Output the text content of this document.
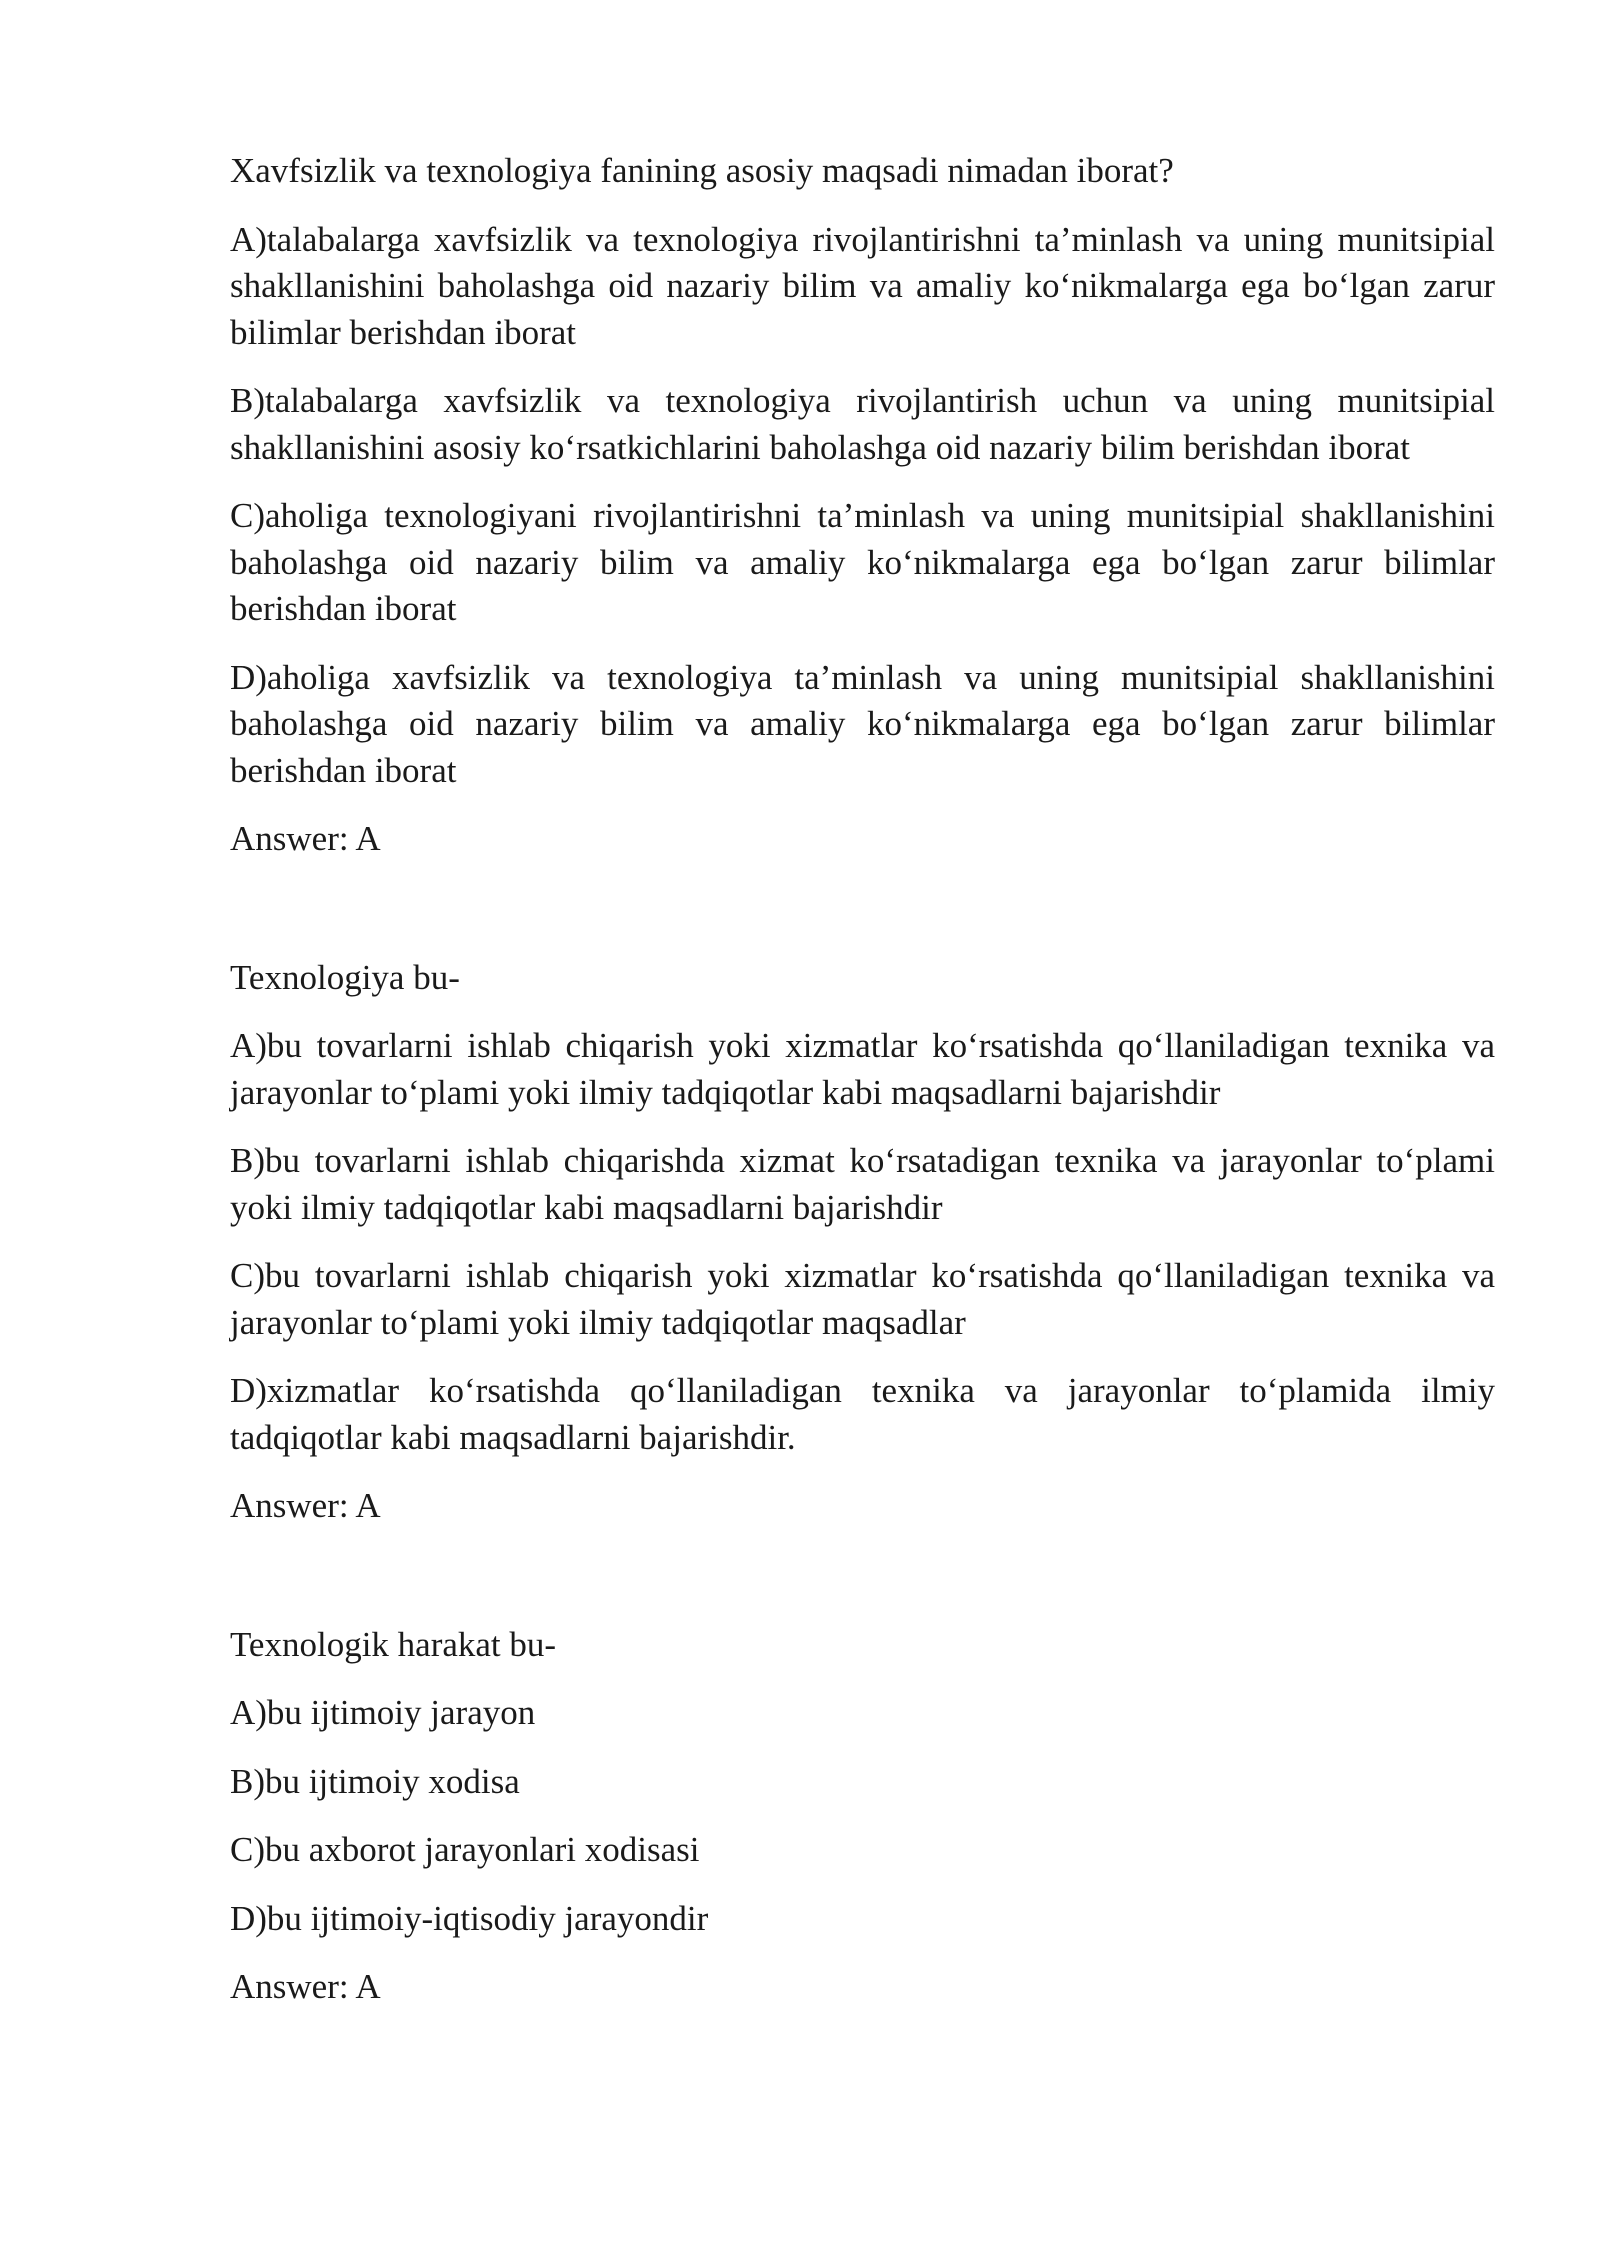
Xavfsizlik va texnologiya fanining asosiy maqsadi nimadan iborat?

A)talabalarga xavfsizlik va texnologiya rivojlantirishni ta’minlash va uning munitsipial shakllanishini baholashga oid nazariy bilim va amaliy ko‘nikmalarga ega bo‘lgan zarur bilimlar berishdan iborat

B)talabalarga xavfsizlik va texnologiya rivojlantirish uchun va uning munitsipial shakllanishini asosiy ko‘rsatkichlarini baholashga oid nazariy bilim berishdan iborat

C)aholiga texnologiyani rivojlantirishni ta’minlash va uning munitsipial shakllanishini baholashga oid nazariy bilim va amaliy ko‘nikmalarga ega bo‘lgan zarur bilimlar berishdan iborat

D)aholiga xavfsizlik va texnologiya ta’minlash va uning munitsipial shakllanishini baholashga oid nazariy bilim va amaliy ko‘nikmalarga ega bo‘lgan zarur bilimlar berishdan iborat

Answer: A

Texnologiya bu-

A)bu tovarlarni ishlab chiqarish yoki xizmatlar ko‘rsatishda qo‘llaniladigan texnika va jarayonlar to‘plami yoki ilmiy tadqiqotlar kabi maqsadlarni bajarishdir

B)bu tovarlarni ishlab chiqarishda xizmat ko‘rsatadigan texnika va jarayonlar to‘plami yoki ilmiy tadqiqotlar kabi maqsadlarni bajarishdir

C)bu tovarlarni ishlab chiqarish yoki xizmatlar ko‘rsatishda qo‘llaniladigan texnika va jarayonlar to‘plami yoki ilmiy tadqiqotlar maqsadlar

D)xizmatlar ko‘rsatishda qo‘llaniladigan texnika va jarayonlar to‘plamida ilmiy tadqiqotlar kabi maqsadlarni bajarishdir.

Answer: A

Texnologik harakat bu-

A)bu ijtimoiy jarayon

B)bu ijtimoiy xodisa

C)bu axborot jarayonlari xodisasi

D)bu ijtimoiy-iqtisodiy jarayondir

Answer: A
